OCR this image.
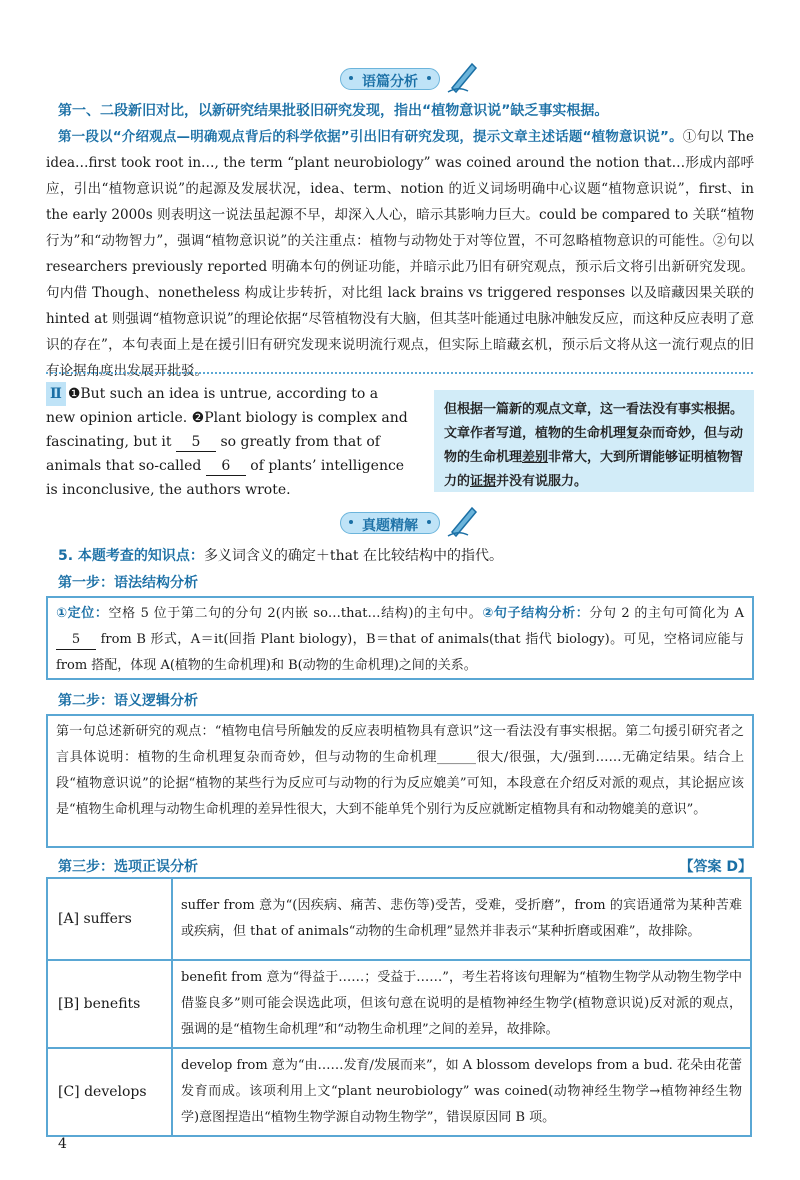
语篇分析

第一、二段新旧对比，以新研究结果批驳旧研究发现，指出“植物意识说”缺乏事实根据。

第一段以“介绍观点—明确观点背后的科学依据”引出旧有研究发现，提示文章主述话题“植物意识说”。①句以 The idea…first took root in…, the term “plant neurobiology” was coined around the notion that…形成内部呼应，引出“植物意识说”的起源及发展状况，idea、term、notion 的近义词场明确中心议题“植物意识说”，first、in the early 2000s 则表明这一说法虽起源不早，却深入人心，暗示其影响力巨大。could be compared to 关联“植物行为”和“动物智力”，强调“植物意识说”的关注重点：植物与动物处于对等位置，不可忽略植物意识的可能性。②句以 researchers previously reported 明确本句的例证功能，并暗示此乃旧有研究观点，预示后文将引出新研究发现。句内借 Though、nonetheless 构成让步转折，对比组 lack brains vs triggered responses 以及暗藏因果关联的 hinted at 则强调“植物意识说”的理论依据“尽管植物没有大脑，但其茎叶能通过电脉冲触发反应，而这种反应表明了意识的存在”，本句表面上是在援引旧有研究发现来说明流行观点，但实际上暗藏玄机，预示后文将从这一流行观点的旧有论据角度出发展开批驳。

Ⅱ ❶But such an idea is untrue, according to a new opinion article. ❷Plant biology is complex and fascinating, but it 5 so greatly from that of animals that so-called 6 of plants’ intelligence is inconclusive, the authors wrote.
但根据一篇新的观点文章，这一看法没有事实根据。文章作者写道，植物的生命机理复杂而奇妙，但与动物的生命机理差别非常大，大到所谓能够证明植物智力的证据并没有说服力。
真题精解
5. 本题考查的知识点：多义词含义的确定＋that 在比较结构中的指代。
第一步：语法结构分析
①定位：空格 5 位于第二句的分句 2(内嵌 so…that…结构)的主句中。②句子结构分析：分句 2 的主句可简化为 A 5 from B 形式，A＝it(回指 Plant biology)，B＝that of animals(that 指代 biology)。可见，空格词应能与 from 搭配，体现 A(植物的生命机理)和 B(动物的生命机理)之间的关系。
第二步：语义逻辑分析
第一句总述新研究的观点：“植物电信号所触发的反应表明植物具有意识”这一看法没有事实根据。第二句援引研究者之言具体说明：植物的生命机理复杂而奇妙，但与动物的生命机理______很大/很强，大/强到……无确定结果。结合上段“植物意识说”的论据“植物的某些行为反应可与动物的行为反应媲美”可知，本段意在介绍反对派的观点，其论据应该是“植物生命机理与动物生命机理的差异性很大，大到不能单凭个别行为反应就断定植物具有和动物媲美的意识”。
第三步：选项正误分析	【答案 D】
[A] suffers	suffer from 意为“(因疾病、痛苦、悲伤等)受苦，受难，受折磨”，from 的宾语通常为某种苦难或疾病，但 that of animals“动物的生命机理”显然并非表示“某种折磨或困难”，故排除。
[B] benefits	benefit from 意为“得益于……；受益于……”，考生若将该句理解为“植物生物学从动物生物学中借鉴良多”则可能会误选此项，但该句意在说明的是植物神经生物学(植物意识说)反对派的观点，强调的是“植物生命机理”和“动物生命机理”之间的差异，故排除。
[C] develops	develop from 意为“由……发育/发展而来”，如 A blossom develops from a bud. 花朵由花蕾发育而成。该项利用上文“plant neurobiology” was coined(动物神经生物学→植物神经生物学)意图捏造出“植物生物学源自动物生物学”，错误原因同 B 项。
4
